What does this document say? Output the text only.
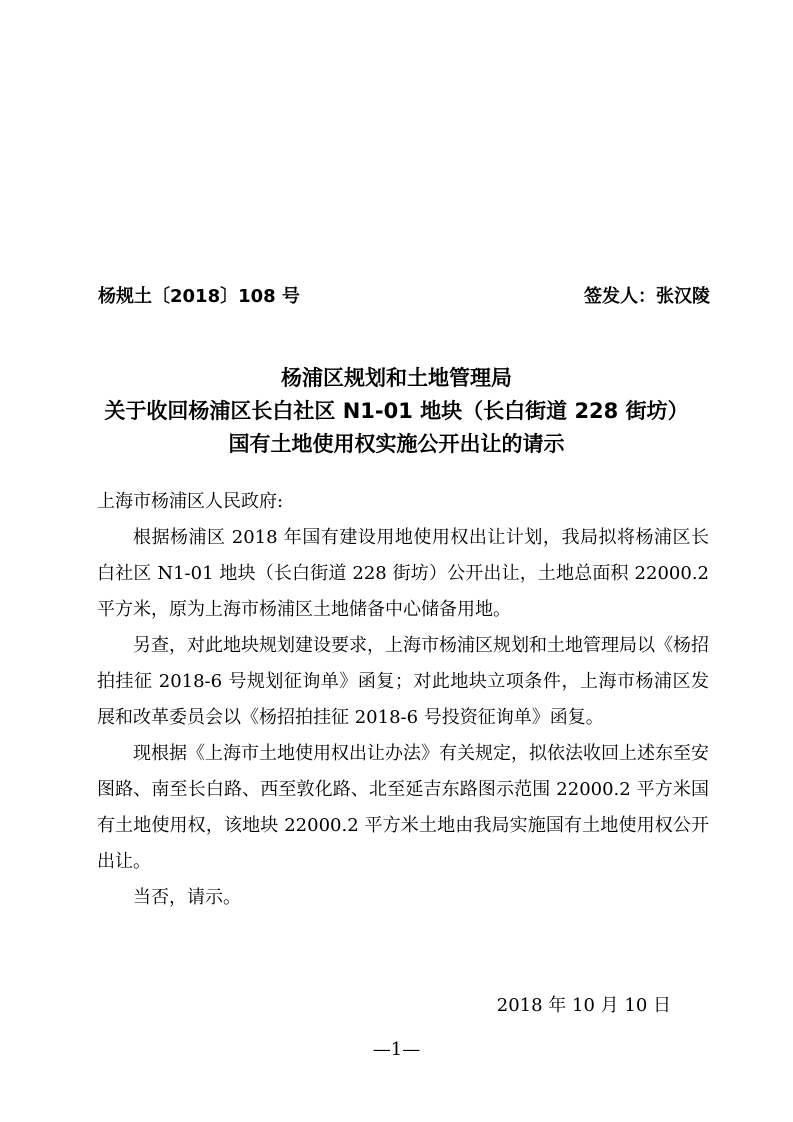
杨规土〔2018〕108 号	签发人：张汉陵
杨浦区规划和土地管理局
关于收回杨浦区长白社区 N1-01 地块（长白街道 228 街坊）
国有土地使用权实施公开出让的请示
上海市杨浦区人民政府:

根据杨浦区 2018 年国有建设用地使用权出让计划，我局拟将杨浦区长白社区 N1-01 地块（长白街道 228 街坊）公开出让，土地总面积 22000.2 平方米，原为上海市杨浦区土地储备中心储备用地。

另查，对此地块规划建设要求，上海市杨浦区规划和土地管理局以《杨招拍挂征 2018-6 号规划征询单》函复；对此地块立项条件，上海市杨浦区发展和改革委员会以《杨招拍挂征 2018-6 号投资征询单》函复。

现根据《上海市土地使用权出让办法》有关规定，拟依法收回上述东至安图路、南至长白路、西至敦化路、北至延吉东路图示范围 22000.2 平方米国有土地使用权，该地块 22000.2 平方米土地由我局实施国有土地使用权公开出让。

当否，请示。
2018 年 10 月 10 日
—1—
